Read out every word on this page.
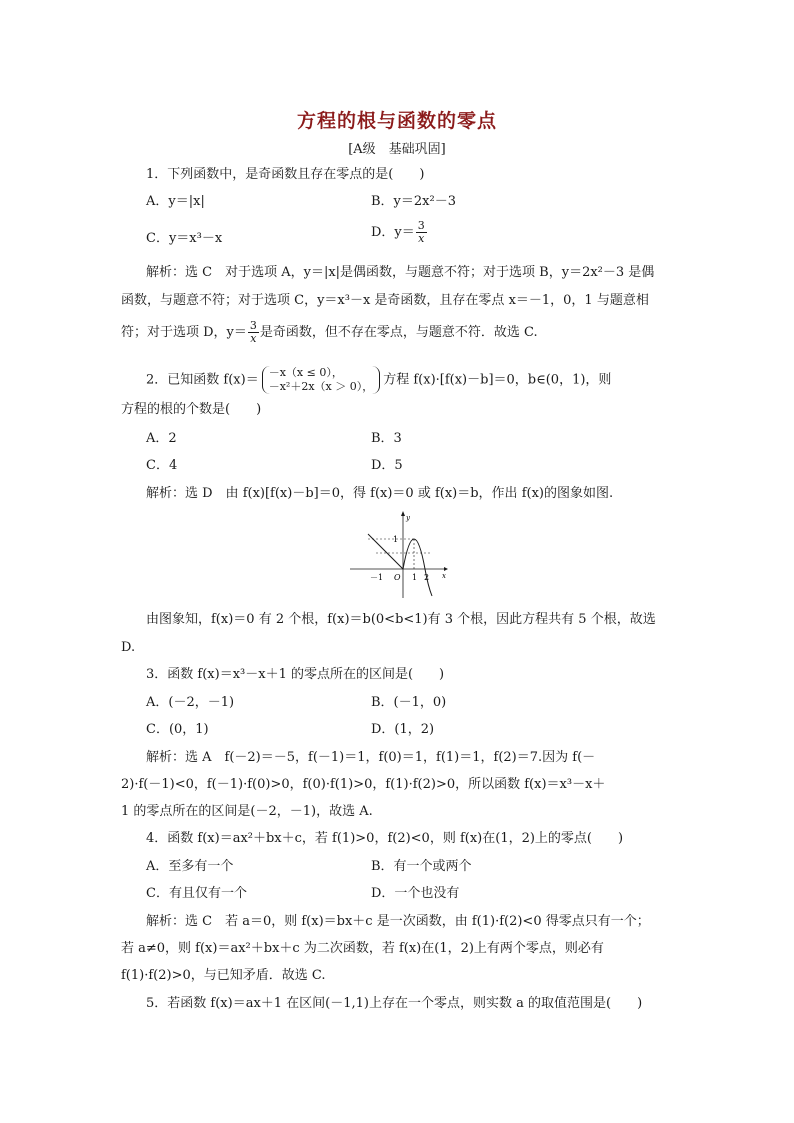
方程的根与函数的零点
[A级　基础巩固]
1．下列函数中，是奇函数且存在零点的是(　　)
A．y＝|x|	B．y＝2x²－3
C．y＝x³－x	D．$y= \frac{3}{x}$
解析：选 C　对于选项 A，y＝|x|是偶函数，与题意不符；对于选项 B，y＝2x²－3 是偶
函数，与题意不符；对于选项 C，y＝x³－x 是奇函数，且存在零点 x＝－1，0，1 与题意相
符；对于选项 D，$y= \frac{3}{x}$ 是奇函数，但不存在零点，与题意不符．故选 C.
2．已知函数 f(x)＝ －x（x ≤ 0），
－x²＋2x（x ＞ 0）， 方程 f(x)·[f(x)－b]＝0，b∈(0，1)，则
方程的根的个数是(　　)
A．2	B．3
C．4	D．5
解析：选 D　由 f(x)[f(x)－b]＝0，得 f(x)＝0 或 f(x)＝b，作出 f(x)的图象如图.
y
x
1
－1 O 1 2
由图象知，f(x)＝0 有 2 个根，f(x)＝b(0<b<1)有 3 个根，因此方程共有 5 个根，故选
D.
3．函数 f(x)＝x³－x＋1 的零点所在的区间是(　　)
A．(－2，－1)	B．(－1，0)
C．(0，1)	D．(1，2)
解析：选 A　f(－2)＝－5，f(－1)＝1，f(0)＝1，f(1)＝1，f(2)＝7.因为 f(－
2)·f(－1)<0，f(－1)·f(0)>0，f(0)·f(1)>0，f(1)·f(2)>0，所以函数 f(x)＝x³－x＋
1 的零点所在的区间是(－2，－1)，故选 A.
4．函数 f(x)＝ax²＋bx＋c，若 f(1)>0，f(2)<0，则 f(x)在(1，2)上的零点(　　)
A．至多有一个	B．有一个或两个
C．有且仅有一个	D．一个也没有
解析：选 C　若 a＝0，则 f(x)＝bx＋c 是一次函数，由 f(1)·f(2)<0 得零点只有一个；
若 a≠0，则 f(x)＝ax²＋bx＋c 为二次函数，若 f(x)在(1，2)上有两个零点，则必有
f(1)·f(2)>0，与已知矛盾．故选 C.
5．若函数 f(x)＝ax＋1 在区间(－1,1)上存在一个零点，则实数 a 的取值范围是(　　)
